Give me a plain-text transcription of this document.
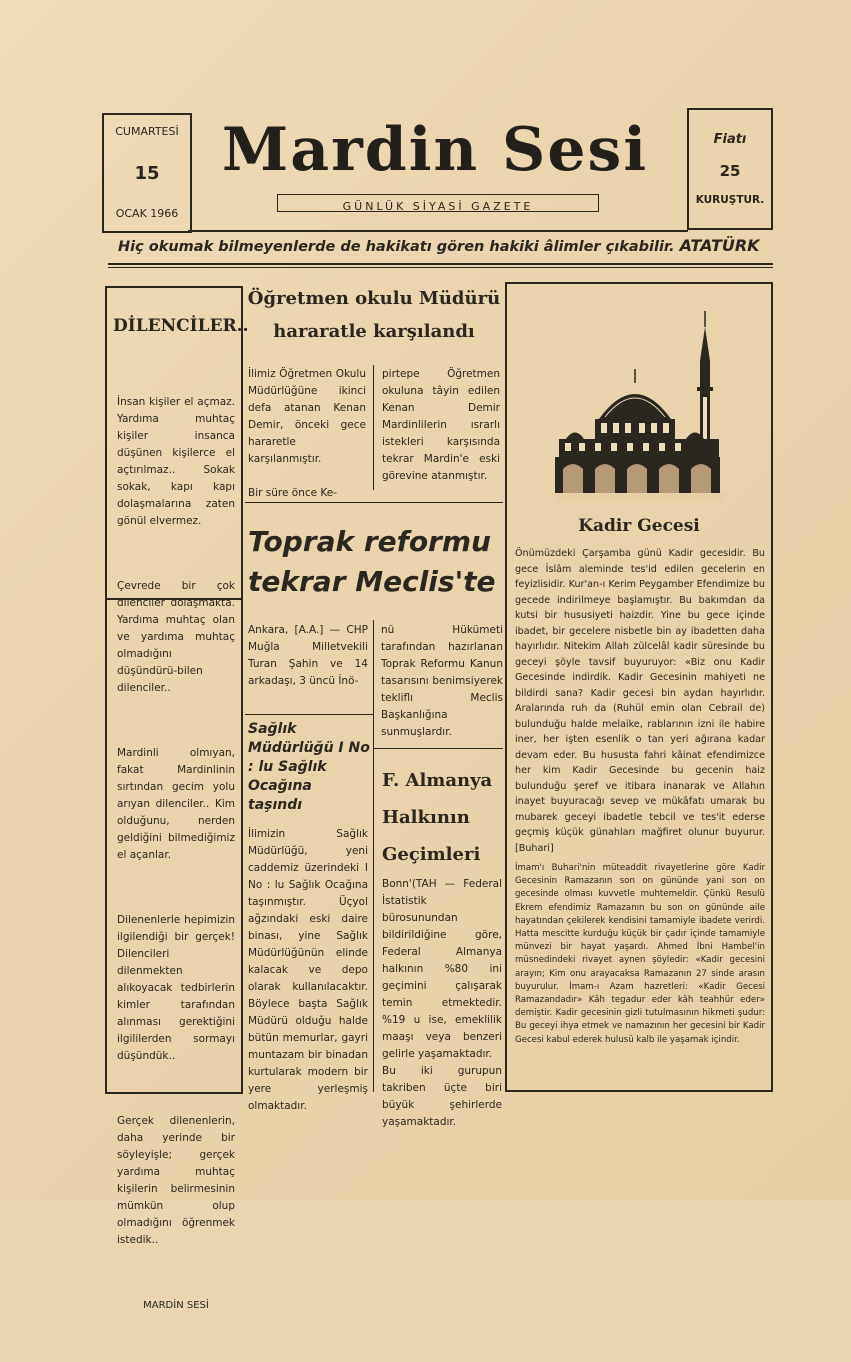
CUMARTESİ
15
OCAK 1966
Mardin Sesi
GÜNLÜK SİYASİ GAZETE
Fiatı
25
KURUŞTUR.
Hiç okumak bilmeyenlerde de hakikatı gören hakiki âlimler çıkabilir. ATATÜRK
DİLENCİLER..

İnsan kişiler el açmaz. Yardıma muhtaç kişiler insanca düşünen kişilerce el açtırılmaz.. Sokak sokak, kapı kapı dolaşmalarına zaten gönül elvermez.

Çevrede bir çok dilenciler dolaşmakta. Yardıma muhtaç olan ve yardıma muhtaç olmadığını düşündürü-bilen dilenciler..

Mardinli olmıyan, fakat Mardinlinin sırtından gecim yolu arıyan dilenciler.. Kim olduğunu, nerden geldiğini bilmediğimiz el açanlar.

Dilenenlerle hepimizin ilgilendiği bir gerçek! Dilencileri dilenmekten alıkoyacak tedbirlerin kimler tarafından alınması gerektiğini ilgililerden sormayı düşündük..

Gerçek dilenenlerin, daha yerinde bir söyleyişle; gerçek yardıma muhtaç kişilerin belirmesinin mümkün olup olmadığını öğrenmek istedik..

MARDİN SESİ

Öğretmen okulu Müdürü
hararatle karşılandı
İlimiz Öğretmen Okulu Müdürlüğüne ikinci defa atanan Kenan Demir, önceki gece hararetle karşılanmıştır.

Bir süre önce Ke-
pirtepe Öğretmen okuluna tâyin edilen Kenan Demir Mardinlilerin ısrarlı istekleri karşısında tekrar Mardin'e eski görevine atanmıştır.
Toprak reformu
tekrar Meclis'te
Ankara, [A.A.] — CHP Muğla Milletvekili Turan Şahin ve 14 arkadaşı, 3 üncü İnö-
nü Hükümeti tarafından hazırlanan Toprak Reformu Kanun tasarısını benimsiyerek tekliflı Meclis Başkanlığına sunmuşlardır.
Sağlık Müdürlüğü I No : lu Sağlık Ocağına taşındı
İlimizin Sağlık Müdürlüğü, yeni caddemiz üzerindeki I No : lu Sağlık Ocağına taşınmıştır. Üçyol ağzındaki eski daire binası, yine Sağlık Müdürlüğünün elinde kalacak ve depo olarak kullanılacaktır. Böylece başta Sağlık Müdürü olduğu halde bütün memurlar, gayri muntazam bir binadan kurtularak modern bir yere yerleşmiş olmaktadır.
F. Almanya
Halkının
Geçimleri
Bonn'(TAH — Federal İstatistik bürosunundan bildirildiğine göre, Federal Almanya halkının %80 ini geçimini çalışarak temin etmektedir. %19 u ise, emeklilik maaşı veya benzeri gelirle yaşamaktadır.
Bu iki gurupun takriben üçte biri büyük şehirlerde yaşamaktadır.
Kadir Gecesi
Önümüzdeki Çarşamba günü Kadir gecesidir. Bu gece İslâm aleminde tes'id edilen gecelerin en feyizlisidir. Kur'an-ı Kerim Peygamber Efendimize bu gecede indirilmeye başlamıştır. Bu bakımdan da kutsi bir hususiyeti haizdir. Yine bu gece içinde ibadet, bir gecelere nisbetle bin ay ibadetten daha hayırlıdır. Nitekim Allah zülcelâl kadir süresinde bu geceyi şöyle tavsif buyuruyor: «Biz onu Kadir Gecesinde indirdik. Kadir Gecesinin mahiyeti ne bildirdi sana? Kadir gecesi bin aydan hayırlıdır. Aralarında ruh da (Ruhül emin olan Cebrail de) bulunduğu halde melaike, rablarının izni ile habire iner, her işten esenlik o tan yeri ağırana kadar devam eder. Bu hususta fahri kâinat efendimizce her kim Kadir Gecesinde bu gecenin haiz bulunduğu şeref ve itibara inanarak ve Allahın inayet buyuracağı sevep ve mükâfatı umarak bu mubarek geceyi ibadetle tebcil ve tes'it ederse geçmiş küçük günahları mağfiret olunur buyurur. [Buhari]
İmam'ı Buhari'nin müteaddit rivayetlerine göre Kadir Gecesinin Ramazanın son on gününde yani son on gecesinde olması kuvvetle muhtemeldir. Çünkü Resulü Ekrem efendimiz Ramazanın bu son on gününde aile hayatından çekilerek kendisini tamamiyle ibadete verirdi. Hatta mescitte kurduğu küçük bir çadır içinde tamamiyle münvezi bir hayat yaşardı. Ahmed İbni Hambel'in müsnedindeki rivayet aynen şöyledir: «Kadir gecesini arayın; Kim onu arayacaksa Ramazanın 27 sinde arasın buyurulur. İmam-ı Azam hazretleri: «Kadir Gecesi Ramazandadır» Kâh tegadur eder kâh teahhür eder» demiştir. Kadir gecesinin gizli tutulmasının hikmeti şudur: Bu geceyi ihya etmek ve namazının her gecesini bir Kadir Gecesi kabul ederek hulusü kalb ile yaşamak içindir.
